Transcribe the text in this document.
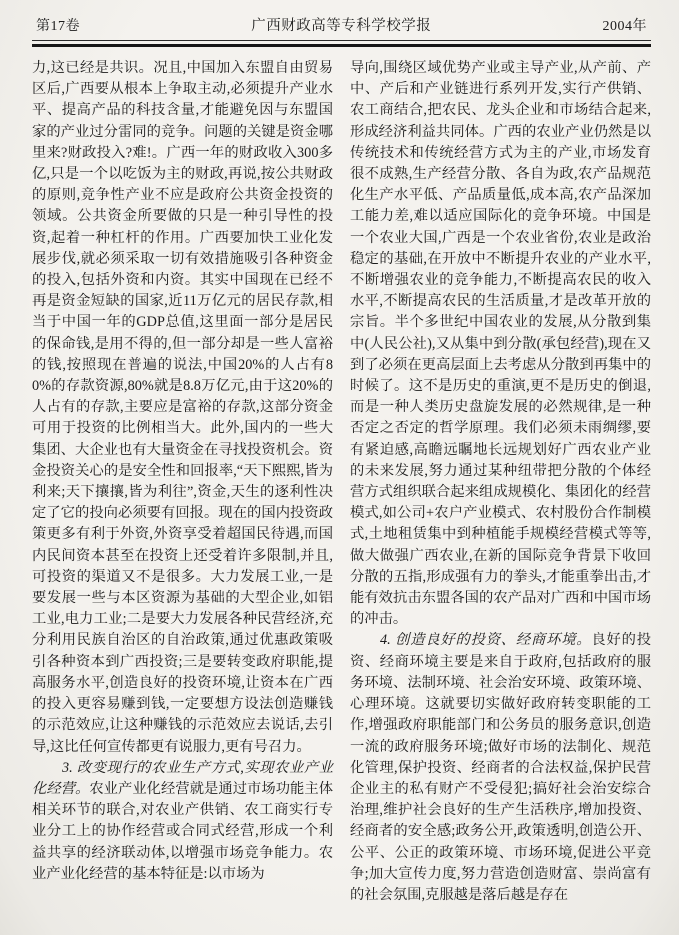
第17卷	广西财政高等专科学校学报	2004年

力,这已经是共识。况且,中国加入东盟自由贸易区后,广西要从根本上争取主动,必须提升产业水平、提高产品的科技含量,才能避免因与东盟国家的产业过分雷同的竞争。问题的关键是资金哪里来?财政投入?难!。广西一年的财政收入300多亿,只是一个以吃饭为主的财政,再说,按公共财政的原则,竞争性产业不应是政府公共资金投资的领域。公共资金所要做的只是一种引导性的投资,起着一种杠杆的作用。广西要加快工业化发展步伐,就必须采取一切有效措施吸引各种资金的投入,包括外资和内资。其实中国现在已经不再是资金短缺的国家,近11万亿元的居民存款,相当于中国一年的GDP总值,这里面一部分是居民的保命钱,是用不得的,但一部分却是一些人富裕的钱,按照现在普遍的说法,中国20%的人占有80%的存款资源,80%就是8.8万亿元,由于这20%的人占有的存款,主要应是富裕的存款,这部分资金可用于投资的比例相当大。此外,国内的一些大集团、大企业也有大量资金在寻找投资机会。资金投资关心的是安全性和回报率,“天下熙熙,皆为利来;天下攘攘,皆为利往”,资金,天生的逐利性决定了它的投向必须要有回报。现在的国内投资政策更多有利于外资,外资享受着超国民待遇,而国内民间资本甚至在投资上还受着许多限制,并且,可投资的渠道又不是很多。大力发展工业,一是要发展一些与本区资源为基础的大型企业,如铝工业,电力工业;二是要大力发展各种民营经济,充分利用民族自治区的自治政策,通过优惠政策吸引各种资本到广西投资;三是要转变政府职能,提高服务水平,创造良好的投资环境,让资本在广西的投入更容易赚到钱,一定要想方设法创造赚钱的示范效应,让这种赚钱的示范效应去说话,去引导,这比任何宣传都更有说服力,更有号召力。

3. 改变现行的农业生产方式,实现农业产业化经营。农业产业化经营就是通过市场功能主体相关环节的联合,对农业产供销、农工商实行专业分工上的协作经营或合同式经营,形成一个利益共享的经济联动体,以增强市场竞争能力。农业产业化经营的基本特征是:以市场为

导向,围绕区域优势产业或主导产业,从产前、产中、产后和产业链进行系列开发,实行产供销、农工商结合,把农民、龙头企业和市场结合起来,形成经济利益共同体。广西的农业产业仍然是以传统技术和传统经营方式为主的产业,市场发育很不成熟,生产经营分散、各自为政,农产品规范化生产水平低、产品质量低,成本高,农产品深加工能力差,难以适应国际化的竞争环境。中国是一个农业大国,广西是一个农业省份,农业是政治稳定的基础,在开放中不断提升农业的产业水平,不断增强农业的竞争能力,不断提高农民的收入水平,不断提高农民的生活质量,才是改革开放的宗旨。半个多世纪中国农业的发展,从分散到集中(人民公社),又从集中到分散(承包经营),现在又到了必须在更高层面上去考虑从分散到再集中的时候了。这不是历史的重演,更不是历史的倒退,而是一种人类历史盘旋发展的必然规律,是一种否定之否定的哲学原理。我们必须未雨绸缪,要有紧迫感,高瞻远瞩地长远规划好广西农业产业的未来发展,努力通过某种纽带把分散的个体经营方式组织联合起来组成规模化、集团化的经营模式,如公司+农户产业模式、农村股份合作制模式,土地租赁集中到种植能手规模经营模式等等,做大做强广西农业,在新的国际竞争背景下收回分散的五指,形成强有力的拳头,才能重拳出击,才能有效抗击东盟各国的农产品对广西和中国市场的冲击。

4. 创造良好的投资、经商环境。良好的投资、经商环境主要是来自于政府,包括政府的服务环境、法制环境、社会治安环境、政策环境、心理环境。这就要切实做好政府转变职能的工作,增强政府职能部门和公务员的服务意识,创造一流的政府服务环境;做好市场的法制化、规范化管理,保护投资、经商者的合法权益,保护民营企业主的私有财产不受侵犯;搞好社会治安综合治理,维护社会良好的生产生活秩序,增加投资、经商者的安全感;政务公开,政策透明,创造公开、公平、公正的政策环境、市场环境,促进公平竞争;加大宣传力度,努力营造创造财富、崇尚富有的社会氛围,克服越是落后越是存在
